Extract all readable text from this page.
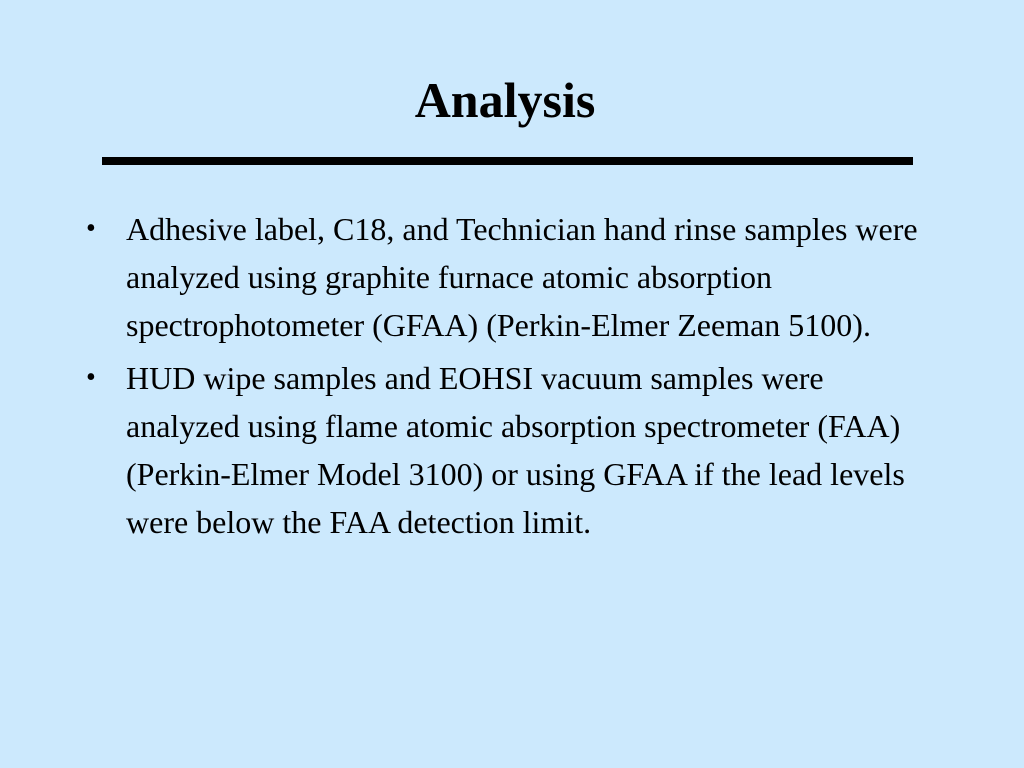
Analysis
• Adhesive label, C18, and Technician hand rinse samples were analyzed using graphite furnace atomic absorption spectrophotometer (GFAA) (Perkin-Elmer Zeeman 5100).
• HUD wipe samples and EOHSI vacuum samples were analyzed using flame atomic absorption spectrometer (FAA) (Perkin-Elmer Model 3100) or using GFAA if the lead levels were below the FAA detection limit.
